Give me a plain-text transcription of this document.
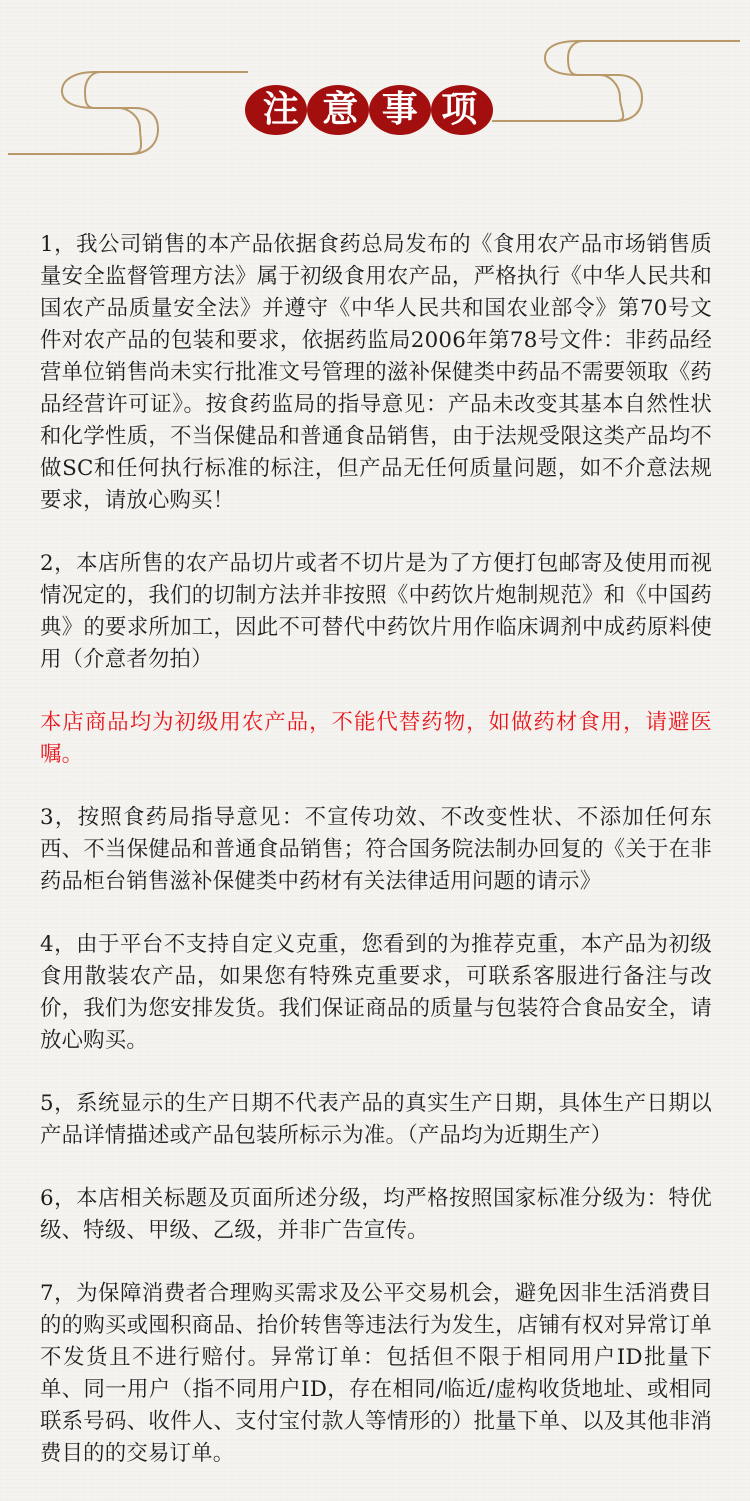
注 意 事 项

1，我公司销售的本产品依据食药总局发布的《食用农产品市场销售质量安全监督管理方法》属于初级食用农产品，严格执行《中华人民共和国农产品质量安全法》并遵守《中华人民共和国农业部令》第70号文件对农产品的包装和要求，依据药监局2006年第78号文件：非药品经营单位销售尚未实行批准文号管理的滋补保健类中药品不需要领取《药品经营许可证》。按食药监局的指导意见：产品未改变其基本自然性状和化学性质，不当保健品和普通食品销售，由于法规受限这类产品均不做SC和任何执行标准的标注，但产品无任何质量问题，如不介意法规要求，请放心购买！

2，本店所售的农产品切片或者不切片是为了方便打包邮寄及使用而视情况定的，我们的切制方法并非按照《中药饮片炮制规范》和《中国药典》的要求所加工，因此不可替代中药饮片用作临床调剂中成药原料使用（介意者勿拍）

本店商品均为初级用农产品，不能代替药物，如做药材食用，请避医嘱。

3，按照食药局指导意见：不宣传功效、不改变性状、不添加任何东西、不当保健品和普通食品销售；符合国务院法制办回复的《关于在非药品柜台销售滋补保健类中药材有关法律适用问题的请示》

4，由于平台不支持自定义克重，您看到的为推荐克重，本产品为初级食用散装农产品，如果您有特殊克重要求，可联系客服进行备注与改价，我们为您安排发货。我们保证商品的质量与包装符合食品安全，请放心购买。

5，系统显示的生产日期不代表产品的真实生产日期，具体生产日期以产品详情描述或产品包装所标示为准。（产品均为近期生产）

6，本店相关标题及页面所述分级，均严格按照国家标准分级为：特优级、特级、甲级、乙级，并非广告宣传。

7，为保障消费者合理购买需求及公平交易机会，避免因非生活消费目的的购买或囤积商品、抬价转售等违法行为发生，店铺有权对异常订单不发货且不进行赔付。异常订单：包括但不限于相同用户ID批量下单、同一用户（指不同用户ID，存在相同/临近/虚构收货地址、或相同联系号码、收件人、支付宝付款人等情形的）批量下单、以及其他非消费目的的交易订单。
